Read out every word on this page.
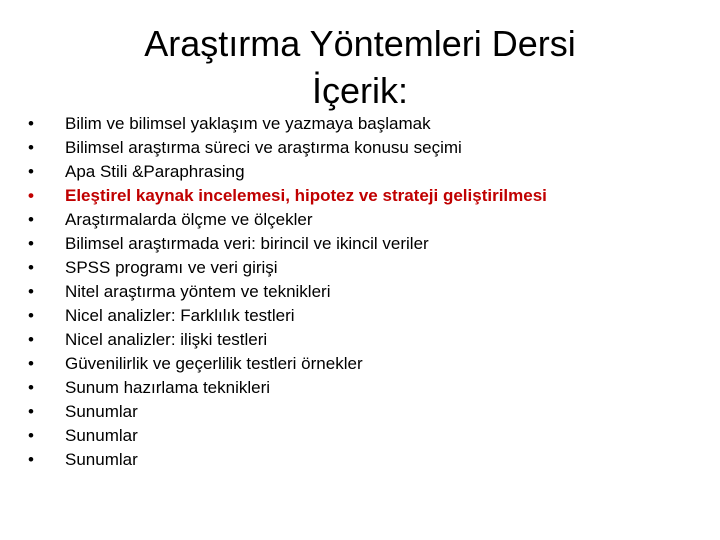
Araştırma Yöntemleri Dersi
İçerik:
•	Bilim ve bilimsel yaklaşım ve yazmaya başlamak
•	Bilimsel araştırma süreci ve araştırma konusu seçimi
•	Apa Stili &Paraphrasing
•	Eleştirel kaynak incelemesi, hipotez ve strateji geliştirilmesi
•	Araştırmalarda ölçme ve ölçekler
•	Bilimsel araştırmada veri: birincil ve ikincil veriler
•	SPSS programı ve veri girişi
•	Nitel araştırma yöntem ve teknikleri
•	Nicel analizler: Farklılık testleri
•	Nicel analizler: ilişki testleri
•	Güvenilirlik ve geçerlilik testleri örnekler
•	Sunum hazırlama teknikleri
•	Sunumlar
•	Sunumlar
•	Sunumlar
